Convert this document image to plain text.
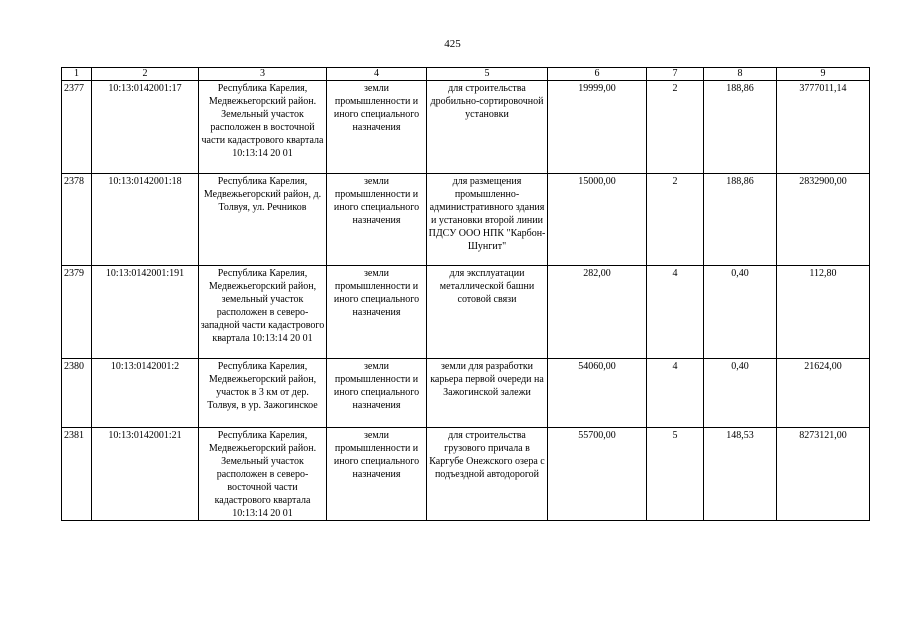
425
1	2	3	4	5	6	7	8	9
2377	10:13:0142001:17	Республика Карелия, Медвежьегорский район. Земельный участок расположен в восточной части кадастрового квартала 10:13:14 20 01	земли промышленности и иного специального назначения	для строительства дробильно-сортировочной установки	19999,00	2	188,86	3777011,14
2378	10:13:0142001:18	Республика Карелия, Медвежьегорский район, д. Толвуя, ул. Речников	земли промышленности и иного специального назначения	для размещения промышленно-административного здания и установки второй линии ПДСУ ООО НПК "Карбон-Шунгит"	15000,00	2	188,86	2832900,00
2379	10:13:0142001:191	Республика Карелия, Медвежьегорский район, земельный участок расположен в северо-западной части кадастрового квартала 10:13:14 20 01	земли промышленности и иного специального назначения	для эксплуатации металлической башни сотовой связи	282,00	4	0,40	112,80
2380	10:13:0142001:2	Республика Карелия, Медвежьегорский район, участок в 3 км от дер. Толвуя, в ур. Зажогинское	земли промышленности и иного специального назначения	земли для разработки карьера первой очереди на Зажогинской залежи	54060,00	4	0,40	21624,00
2381	10:13:0142001:21	Республика Карелия, Медвежьегорский район. Земельный участок расположен в северо-восточной части кадастрового квартала 10:13:14 20 01	земли промышленности и иного специального назначения	для строительства грузового причала в Каргубе Онежского озера с подъездной автодорогой	55700,00	5	148,53	8273121,00
